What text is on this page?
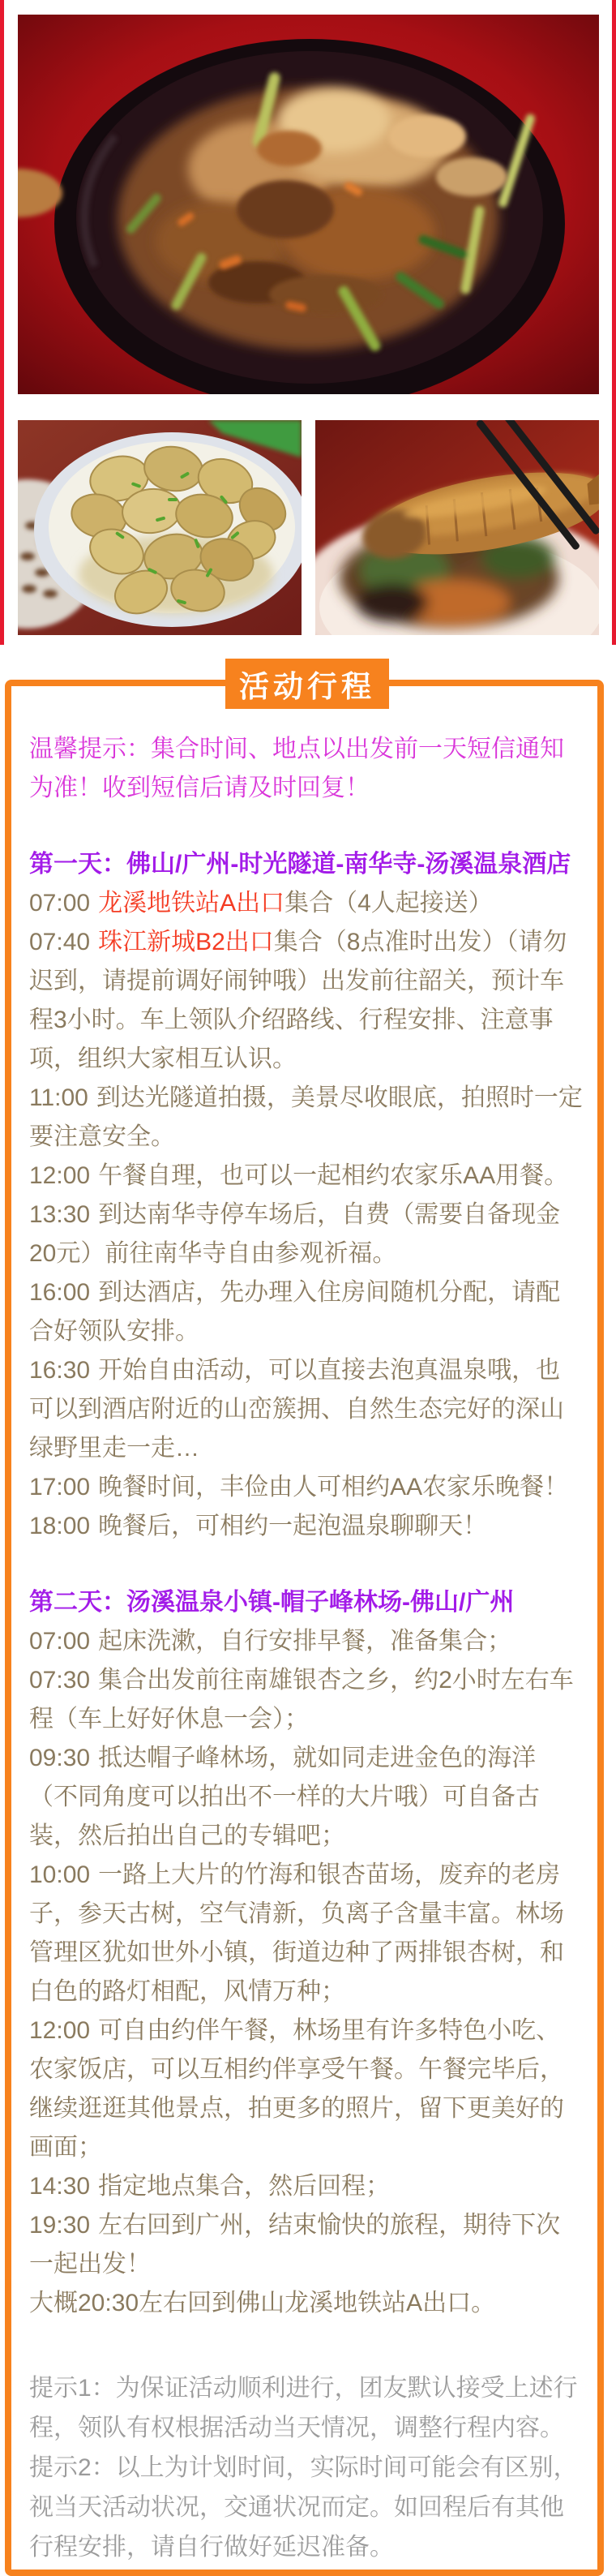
活动行程

温馨提示：集合时间、地点以出发前一天短信通知为准！收到短信后请及时回复！

第一天：佛山/广州-时光隧道-南华寺-汤溪温泉酒店

07:00 龙溪地铁站A出口集合（4人起接送）

07:40 珠江新城B2出口集合（8点准时出发）（请勿迟到，请提前调好闹钟哦）出发前往韶关，预计车程3小时。车上领队介绍路线、行程安排、注意事项，组织大家相互认识。

11:00 到达光隧道拍摄，美景尽收眼底，拍照时一定要注意安全。

12:00 午餐自理，也可以一起相约农家乐AA用餐。

13:30 到达南华寺停车场后，自费（需要自备现金20元）前往南华寺自由参观祈福。

16:00 到达酒店，先办理入住房间随机分配，请配合好领队安排。

16:30 开始自由活动，可以直接去泡真温泉哦，也可以到酒店附近的山峦簇拥、自然生态完好的深山绿野里走一走…

17:00 晚餐时间，丰俭由人可相约AA农家乐晚餐！

18:00 晚餐后，可相约一起泡温泉聊聊天！

第二天：汤溪温泉小镇-帽子峰林场-佛山/广州

07:00 起床洗漱，自行安排早餐，准备集合；

07:30 集合出发前往南雄银杏之乡，约2小时左右车程（车上好好休息一会）；

09:30 抵达帽子峰林场，就如同走进金色的海洋（不同角度可以拍出不一样的大片哦）可自备古装，然后拍出自己的专辑吧；

10:00 一路上大片的竹海和银杏苗场，废弃的老房子，参天古树，空气清新，负离子含量丰富。林场管理区犹如世外小镇，街道边种了两排银杏树，和白色的路灯相配，风情万种；

12:00 可自由约伴午餐，林场里有许多特色小吃、农家饭店，可以互相约伴享受午餐。午餐完毕后，继续逛逛其他景点，拍更多的照片，留下更美好的画面；

14:30 指定地点集合，然后回程；

19:30 左右回到广州，结束愉快的旅程，期待下次一起出发！

大概20:30左右回到佛山龙溪地铁站A出口。

提示1：为保证活动顺利进行，团友默认接受上述行程，领队有权根据活动当天情况，调整行程内容。

提示2：以上为计划时间，实际时间可能会有区别，视当天活动状况，交通状况而定。如回程后有其他行程安排，请自行做好延迟准备。
